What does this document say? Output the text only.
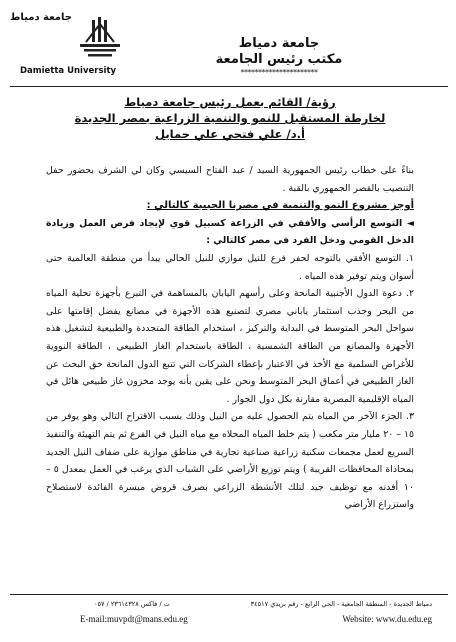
جامعة دمياط
Damietta University
جامعة دمياط
مكتب رئيس الجامعة
**********************
رؤية/ القائم بعمل رئيس جامعة دمياط
لخارطة المستقبل للنمو والتنمية الزراعية بمصر الجديدة
أ.د/ علي فتحي علي حمايل

بناءً على خطاب رئيس الجمهورية السيد / عبد الفتاح السيسي وكان لي الشرف بحضور حفل التنصيب بالقصر الجمهوري بالقبة .

أوجز مشروع النمو والتنمية في مصرنا الحبيبة كالتالي :

◄ التوسع الرأسي والأفقي في الزراعة كسبيل قوي لإيجاد فرص العمل وزيادة الدخل القومي ودخل الفرد في مصر كالتالي :

١. التوسع الأفقي بالتوجه لحفر فرع للنيل موازي للنيل الحالي يبدأ من منطقة العالمية حتى أسوان ويتم توفير هذه المياه .

٢. دعوة الدول الأجنبية المانحة وعلى رأسهم اليابان بالمساهمة في التبرع بأجهزة تحلية المياه من البحر وجذب استثمار ياباني مصري لتصنيع هذه الأجهزة في مصانع يفضل إقامتها على سواحل البحر المتوسط في البداية والتركيز ، استخدام الطاقة المتجددة والطبيعية لتشغيل هذه الأجهزة والمصانع من الطاقة الشمسية ، الطاقة باستخدام الغاز الطبيعي ، الطاقة النووية للأغراض السلمية مع الأخذ في الاعتبار بإعطاء الشركات التي تتبع الدول المانحة حق البحث عن الغاز الطبيعي في أعماق البحر المتوسط ونحن على يقين بأنه يوجد مخزون غاز طبيعي هائل في المياه الإقليمية المصرية مقارنة بكل دول الجوار .

٣. الجزء الآخر من المياه يتم الحصول عليه من النيل وذلك بسبب الاقتراح التالي وهو يوفر من ١٥ – ٢٠ مليار متر مكعب ( يتم خلط المياه المحلاه مع مياه النيل في الفرع ثم يتم التهيئة والتنفيذ السريع لعمل مجمعات سكنية زراعية صناعية تجارية في مناطق موازية على ضفاف النيل الجديد بمحاذاة المحافظات القريبة ) ويتم توزيع الأراضي على الشباب الذي يرغب في العمل بمعدل ٥ – ١٠ أفدنه مع توظيف جيد لتلك الأنشطة الزراعي بصرف قروض ميسرة الفائدة لاستصلاح واستزراع الأراضي

دمياط الجديدة - المنطقة الجامعية - الحي الرابع - رقم بريدي ٣٤٥١٧
ت / فاكس ٢٣٦١٤٣٢٨ / ٠٥٧
E-mail:muvpdt@mans.edu.eg	Website: www.du.edu.eg
